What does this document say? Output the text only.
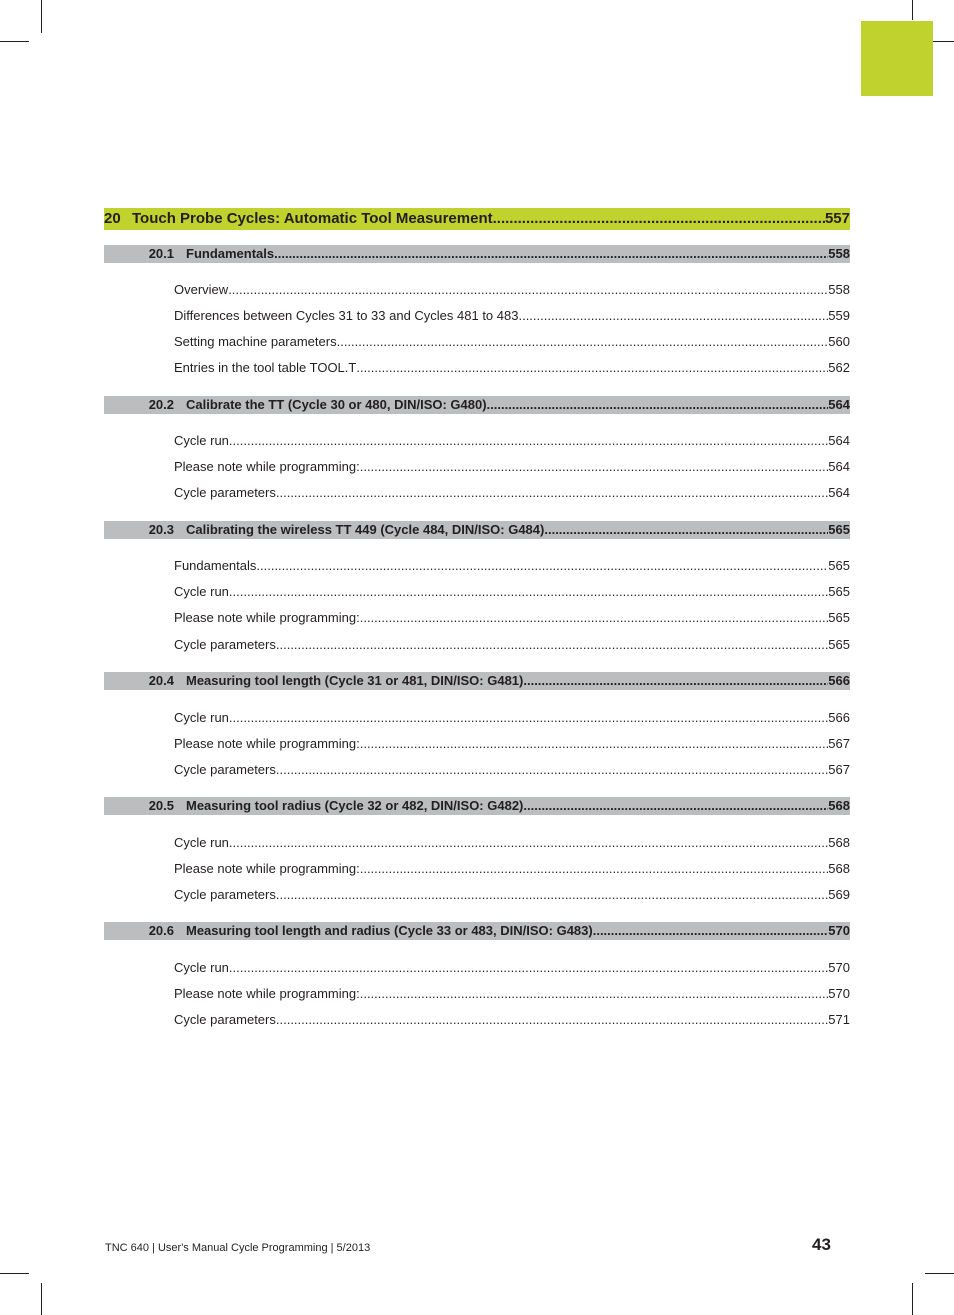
20 Touch Probe Cycles: Automatic Tool Measurement .....	557
20.1 Fundamentals .....	558
Overview .....	558
Differences between Cycles 31 to 33 and Cycles 481 to 483 .....	559
Setting machine parameters .....	560
Entries in the tool table TOOL.T .....	562
20.2 Calibrate the TT (Cycle 30 or 480, DIN/ISO: G480) .....	564
Cycle run .....	564
Please note while programming: .....	564
Cycle parameters .....	564
20.3 Calibrating the wireless TT 449 (Cycle 484, DIN/ISO: G484) .....	565
Fundamentals .....	565
Cycle run .....	565
Please note while programming: .....	565
Cycle parameters .....	565
20.4 Measuring tool length (Cycle 31 or 481, DIN/ISO: G481) .....	566
Cycle run .....	566
Please note while programming: .....	567
Cycle parameters .....	567
20.5 Measuring tool radius (Cycle 32 or 482, DIN/ISO: G482) .....	568
Cycle run .....	568
Please note while programming: .....	568
Cycle parameters .....	569
20.6 Measuring tool length and radius (Cycle 33 or 483, DIN/ISO: G483) .....	570
Cycle run .....	570
Please note while programming: .....	570
Cycle parameters .....	571
TNC 640 | User's Manual Cycle Programming | 5/2013	43
